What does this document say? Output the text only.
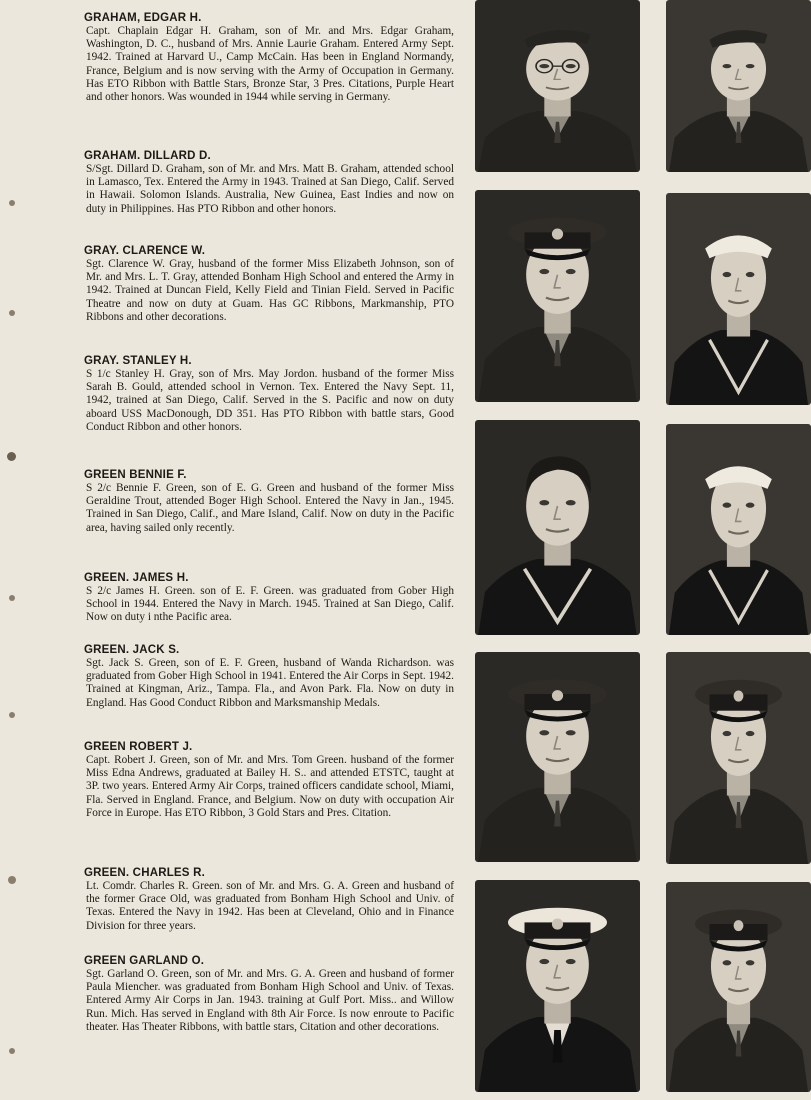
GRAHAM, EDGAR H.
Capt. Chaplain Edgar H. Graham, son of Mr. and Mrs. Edgar Graham, Washington, D. C., husband of Mrs. Annie Laurie Graham. Entered Army Sept. 1942. Trained at Harvard U., Camp McCain. Has been in England Normandy, France, Belgium and is now serving with the Army of Occupation in Germany. Has ETO Ribbon with Battle Stars, Bronze Star, 3 Pres. Citations, Purple Heart and other honors. Was wounded in 1944 while serving in Germany.
GRAHAM. DILLARD D.
S/Sgt. Dillard D. Graham, son of Mr. and Mrs. Matt B. Graham, attended school in Lamasco, Tex. Entered the Army in 1943. Trained at San Diego, Calif. Served in Hawaii. Solomon Islands. Australia, New Guinea, East Indies and now on duty in Philippines. Has PTO Ribbon and other honors.
GRAY. CLARENCE W.
Sgt. Clarence W. Gray, husband of the former Miss Elizabeth Johnson, son of Mr. and Mrs. L. T. Gray, attended Bonham High School and entered the Army in 1942. Trained at Duncan Field, Kelly Field and Tinian Field. Served in Pacific Theatre and now on duty at Guam. Has GC Ribbons, Markmanship, PTO Ribbons and other decorations.
GRAY. STANLEY H.
S 1/c Stanley H. Gray, son of Mrs. May Jordon. husband of the former Miss Sarah B. Gould, attended school in Vernon. Tex. Entered the Navy Sept. 11, 1942, trained at San Diego, Calif. Served in the S. Pacific and now on duty aboard USS MacDonough, DD 351. Has PTO Ribbon with battle stars, Good Conduct Ribbon and other honors.
GREEN BENNIE F.
S 2/c Bennie F. Green, son of E. G. Green and husband of the former Miss Geraldine Trout, attended Boger High School. Entered the Navy in Jan., 1945. Trained in San Diego, Calif., and Mare Island, Calif. Now on duty in the Pacific area, having sailed only recently.
GREEN. JAMES H.
S 2/c James H. Green. son of E. F. Green. was graduated from Gober High School in 1944. Entered the Navy in March. 1945. Trained at San Diego, Calif. Now on duty i nthe Pacific area.
GREEN. JACK S.
Sgt. Jack S. Green, son of E. F. Green, husband of Wanda Richardson. was graduated from Gober High School in 1941. Entered the Air Corps in Sept. 1942. Trained at Kingman, Ariz., Tampa. Fla., and Avon Park. Fla. Now on duty in England. Has Good Conduct Ribbon and Marksmanship Medals.
GREEN ROBERT J.
Capt. Robert J. Green, son of Mr. and Mrs. Tom Green. husband of the former Miss Edna Andrews, graduated at Bailey H. S.. and attended ETSTC, taught at 3P. two years. Entered Army Air Corps, trained officers candidate school, Miami, Fla. Served in England. France, and Belgium. Now on duty with occupation Air Force in Europe. Has ETO Ribbon, 3 Gold Stars and Pres. Citation.
GREEN. CHARLES R.
Lt. Comdr. Charles R. Green. son of Mr. and Mrs. G. A. Green and husband of the former Grace Old, was graduated from Bonham High School and Univ. of Texas. Entered the Navy in 1942. Has been at Cleveland, Ohio and in Finance Division for three years.
GREEN GARLAND O.
Sgt. Garland O. Green, son of Mr. and Mrs. G. A. Green and husband of former Paula Miencher. was graduated from Bonham High School and Univ. of Texas. Entered Army Air Corps in Jan. 1943. training at Gulf Port. Miss.. and Willow Run. Mich. Has served in England with 8th Air Force. Is now enroute to Pacific theater. Has Theater Ribbons, with battle stars, Citation and other decorations.
